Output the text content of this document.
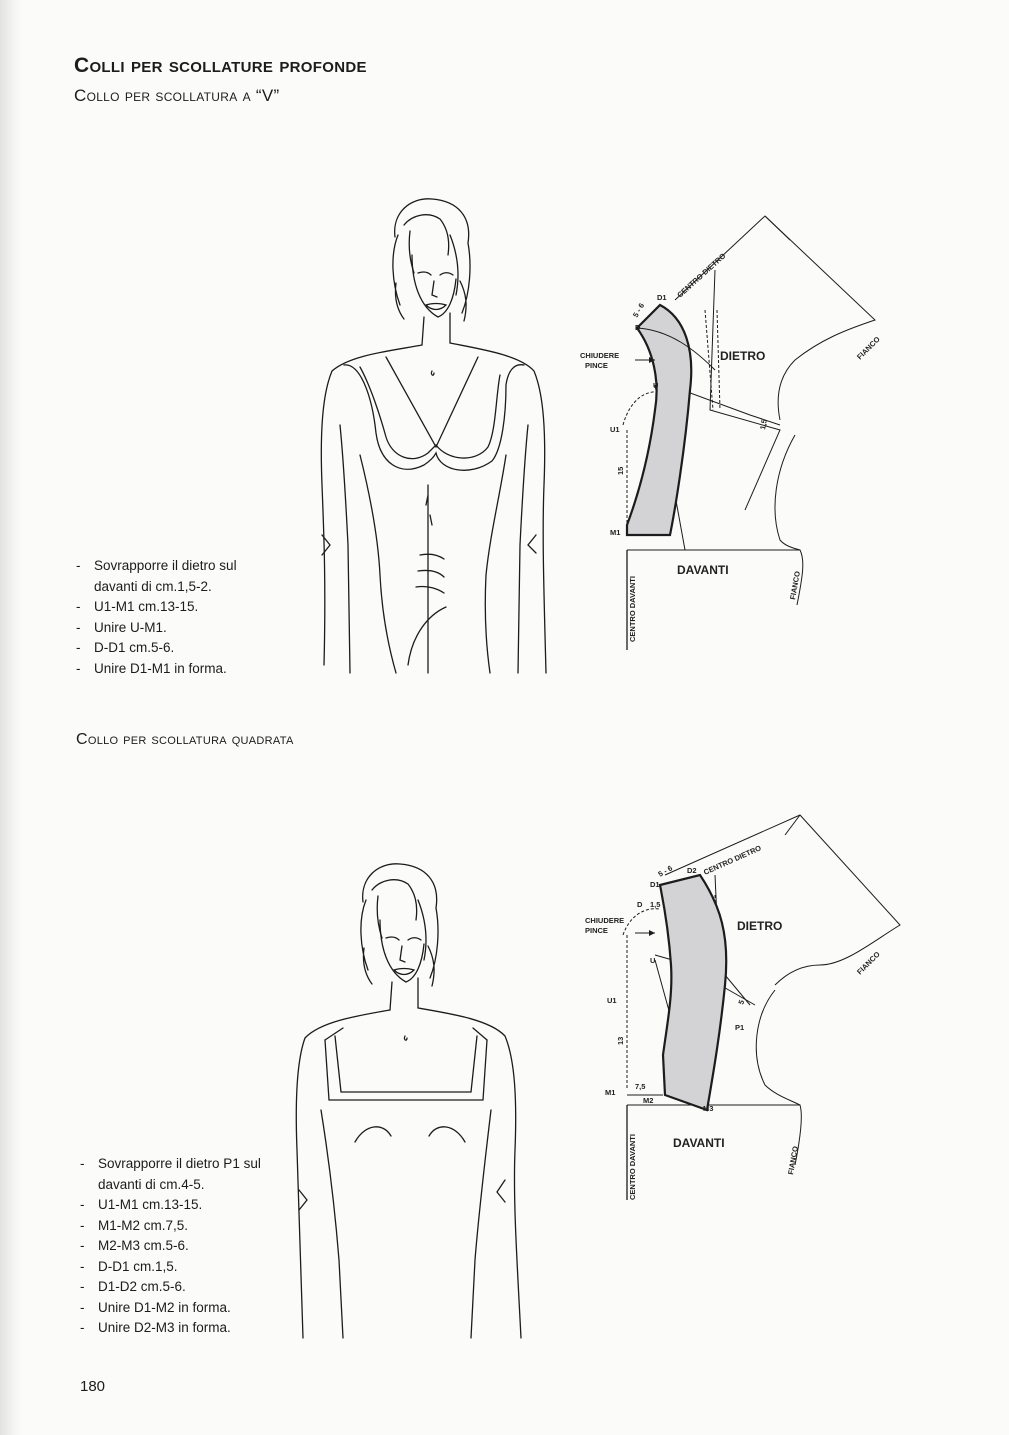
Colli per scollature profonde
Collo per scollatura a “V”
D1
D
U
U1
M1
5 - 6
15
1,5
CHIUDERE
PINCE
CENTRO DIETRO
DIETRO	FIANCO
DAVANTI
CENTRO DAVANTI	FIANCO
- Sovrapporre il dietro sul davanti di cm.1,5-2.
- U1-M1 cm.13-15.
- Unire U-M1.
- D-D1 cm.5-6.
- Unire D1-M1 in forma.
Collo per scollatura quadrata
D2
D1
D
U
U1
M1
M2
M3
P1
5 - 6
1,5
13
7,5
5
CHIUDERE
PINCE
CENTRO DIETRO
DIETRO
FIANCO
DAVANTI
CENTRO DAVANTI	FIANCO
- Sovrapporre il dietro P1 sul davanti di cm.4-5.
- U1-M1 cm.13-15.
- M1-M2 cm.7,5.
- M2-M3 cm.5-6.
- D-D1 cm.1,5.
- D1-D2 cm.5-6.
- Unire D1-M2 in forma.
- Unire D2-M3 in forma.
180
